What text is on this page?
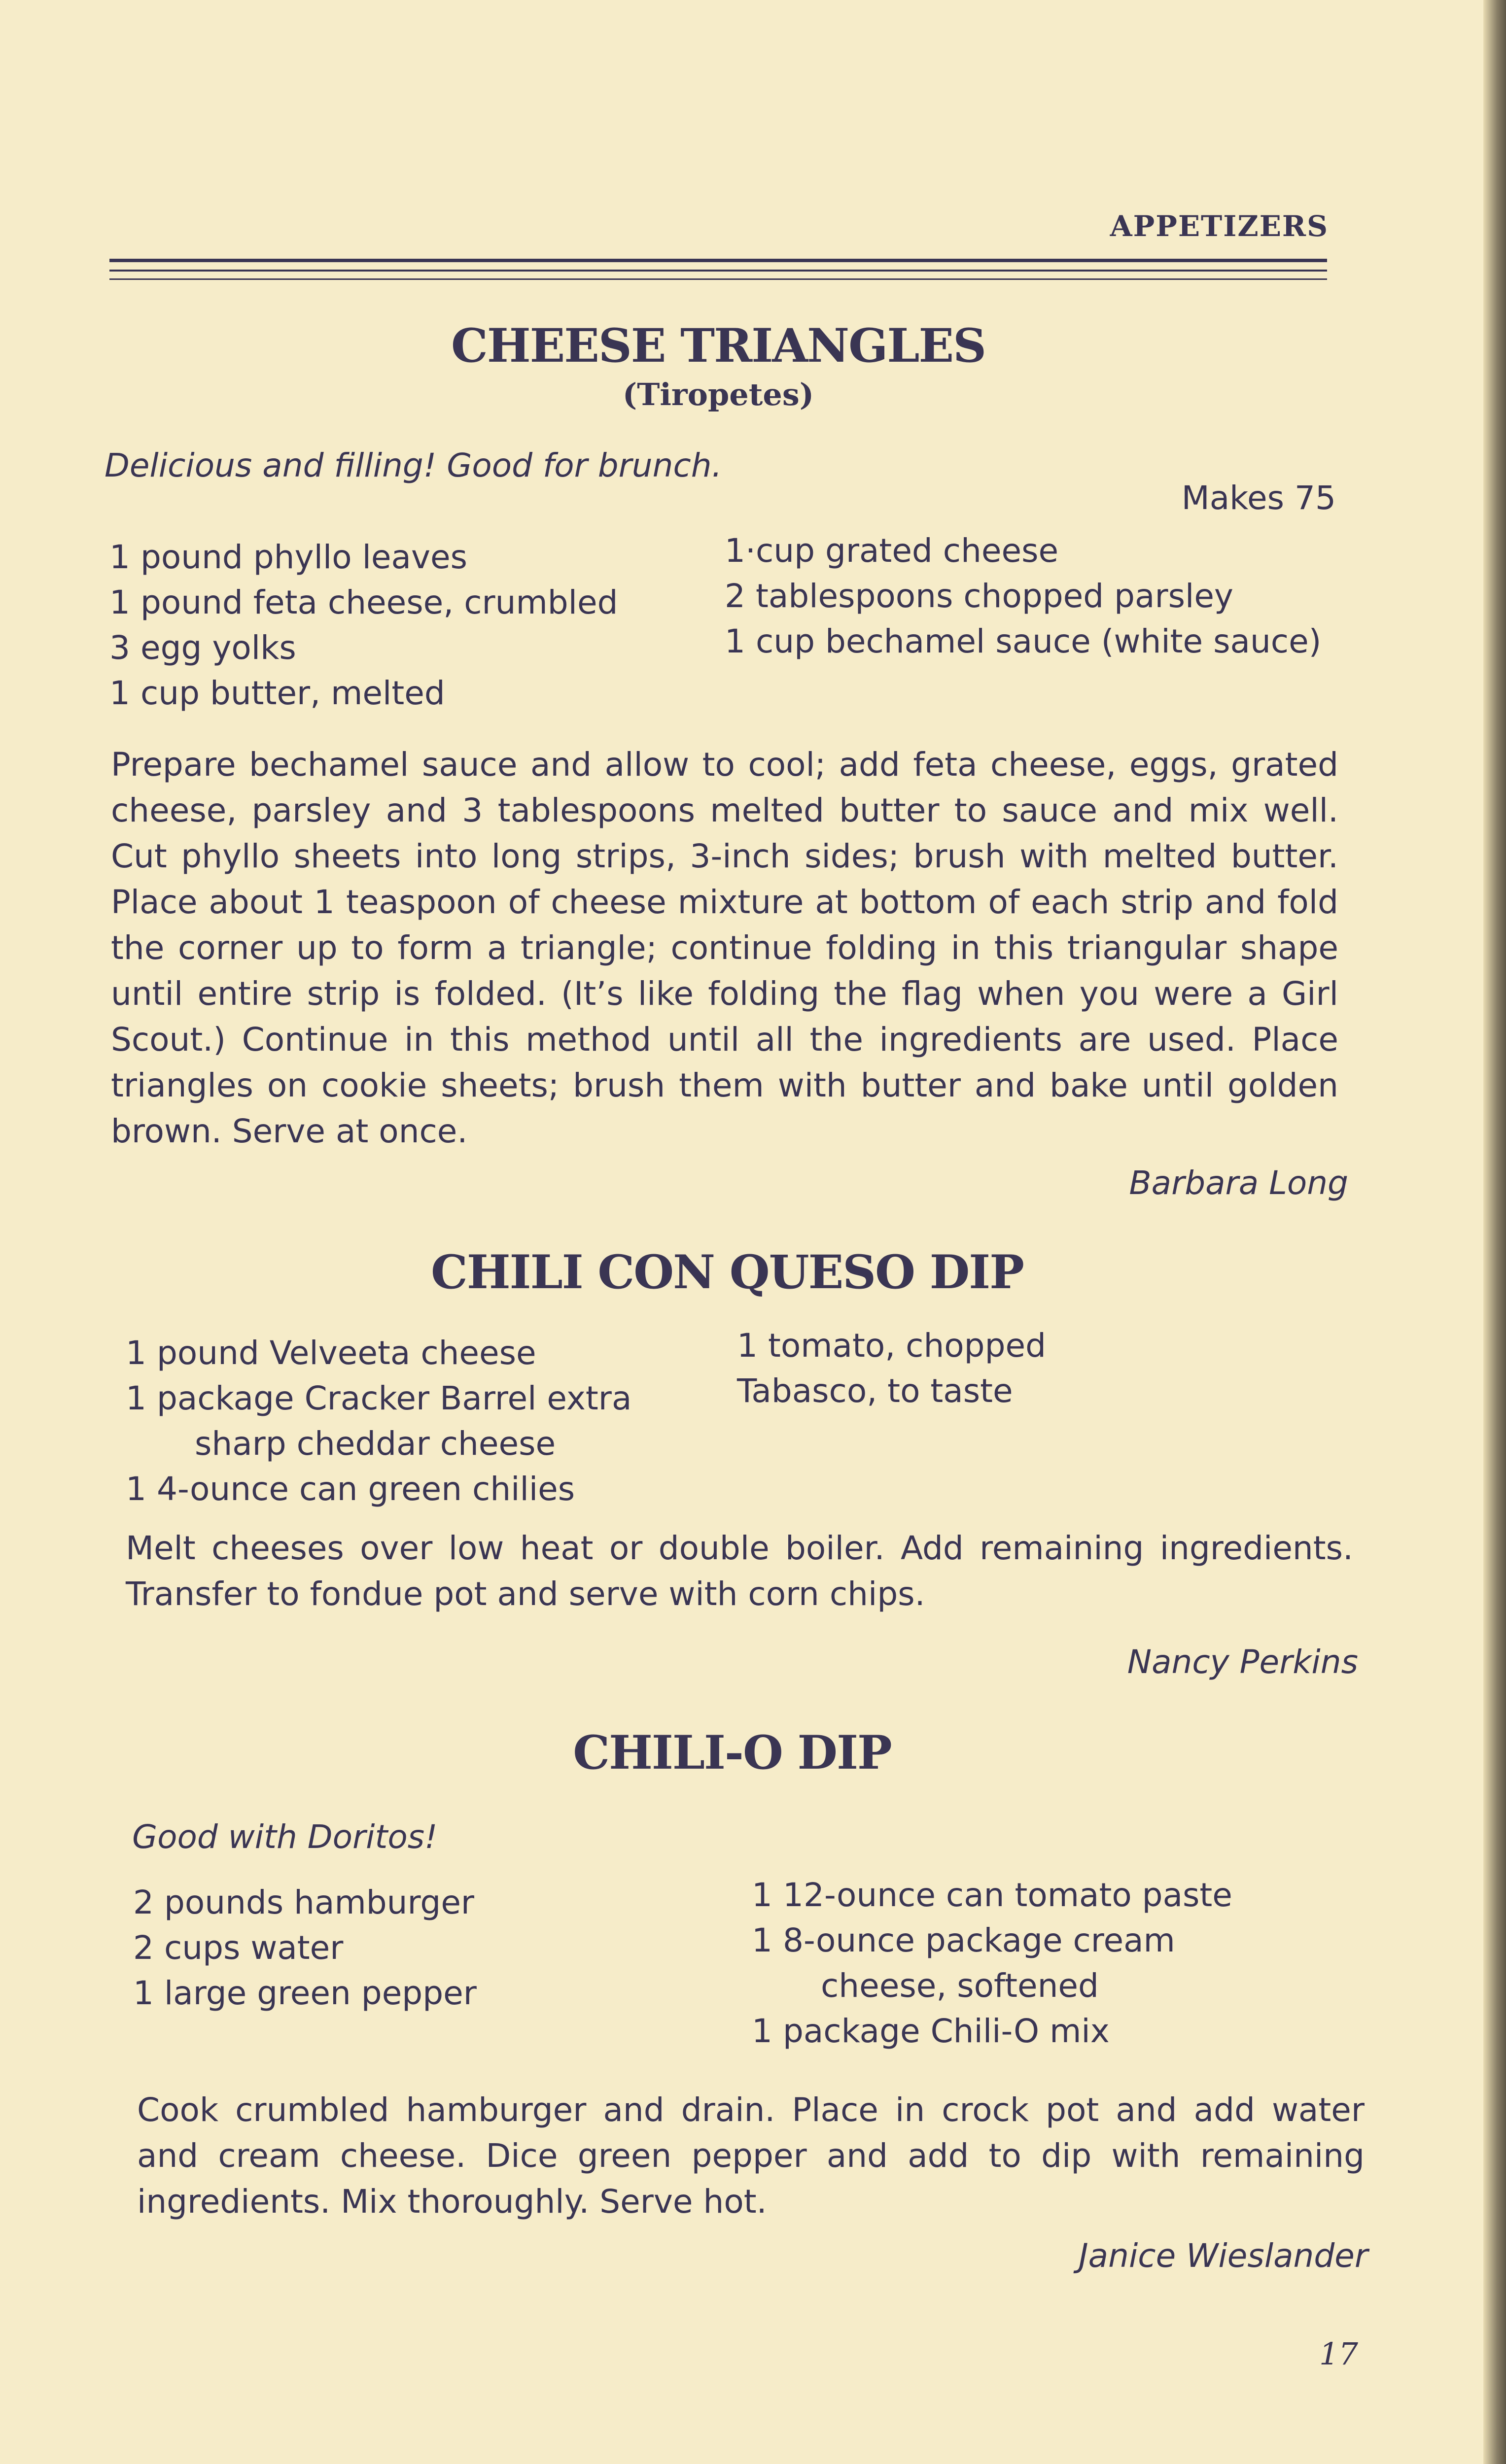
APPETIZERS
CHEESE TRIANGLES
(Tiropetes)
Delicious and filling! Good for brunch.
Makes 75
1 pound phyllo leaves
1 pound feta cheese, crumbled
3 egg yolks
1 cup butter, melted
1·cup grated cheese
2 tablespoons chopped parsley
1 cup bechamel sauce (white sauce)

Prepare bechamel sauce and allow to cool; add feta cheese, eggs, grated cheese, parsley and 3 tablespoons melted butter to sauce and mix well. Cut phyllo sheets into long strips, 3-inch sides; brush with melted butter. Place about 1 teaspoon of cheese mixture at bottom of each strip and fold the corner up to form a triangle; continue folding in this triangular shape until entire strip is folded. (It’s like folding the flag when you were a Girl Scout.) Continue in this method until all the ingredients are used. Place triangles on cookie sheets; brush them with butter and bake until golden brown. Serve at once.

Barbara Long
CHILI CON QUESO DIP
1 pound Velveeta cheese
1 package Cracker Barrel extra
sharp cheddar cheese
1 4-ounce can green chilies
1 tomato, chopped
Tabasco, to taste

Melt cheeses over low heat or double boiler. Add remaining ingredients. Transfer to fondue pot and serve with corn chips.

Nancy Perkins
CHILI-O DIP
Good with Doritos!
2 pounds hamburger
2 cups water
1 large green pepper
1 12-ounce can tomato paste
1 8-ounce package cream
cheese, softened
1 package Chili-O mix

Cook crumbled hamburger and drain. Place in crock pot and add water and cream cheese. Dice green pepper and add to dip with remaining ingredients. Mix thoroughly. Serve hot.

Janice Wieslander
17
